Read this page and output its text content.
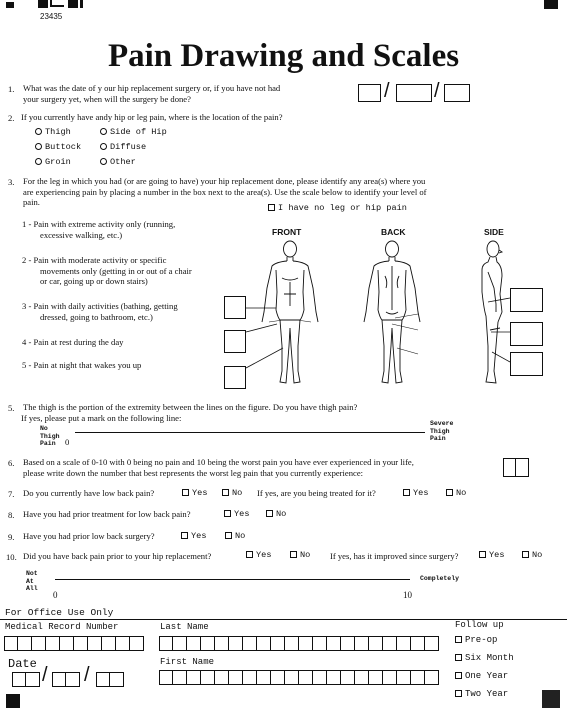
23435
Pain Drawing and Scales
1. What was the date of y our hip replacement surgery or, if you have not had
your surgery yet, when will the surgery be done?	/ /
2. If you currently have andy hip or leg pain, where is the location of the pain?
Thigh	Side of Hip
Buttock	Diffuse
Groin	Other
3. For the leg in which you had (or are going to have) your hip replacement done, please identify any area(s) where you
are experiencing pain by placing a number in the box next to the area(s). Use the scale below to identify your level of
pain.
I have no leg or hip pain
1 - Pain with extreme activity only (running,
excessive walking, etc.)
2 - Pain with moderate activity or specific
movements only (getting in or out of a chair
or car, going up or down stairs)
3 - Pain with daily activities (bathing, getting
dressed, going to bathroom, etc.)
4 - Pain at rest during the day
5 - Pain at night that wakes you up
FRONT	BACK	SIDE
5. The thigh is the portion of the extremity between the lines on the figure. Do you have thigh pain?
If yes, please put a mark on the following line:
No
Thigh
Pain	0
Severe
Thigh
Pain
6. Based on a scale of 0-10 with 0 being no pain and 10 being the worst pain you have ever experienced in your life,
please write down the number that best represents the worst leg pain that you currently experience:
7. Do you currently have low back pain?	Yes	No If yes, are you being treated for it?	Yes	No
8. Have you had prior treatment for low back pain?	Yes	No
9. Have you had prior low back surgery?	Yes	No
10. Did you have back pain prior to your hip replacement?	Yes	No If yes, has it improved since surgery?	Yes	No
Not
At
All
Completely
0	10
For Office Use Only
Medical Record Number	Last Name	Follow up
Pre-op
Six Month
One Year
Two Year
Date	First Name
/ /
